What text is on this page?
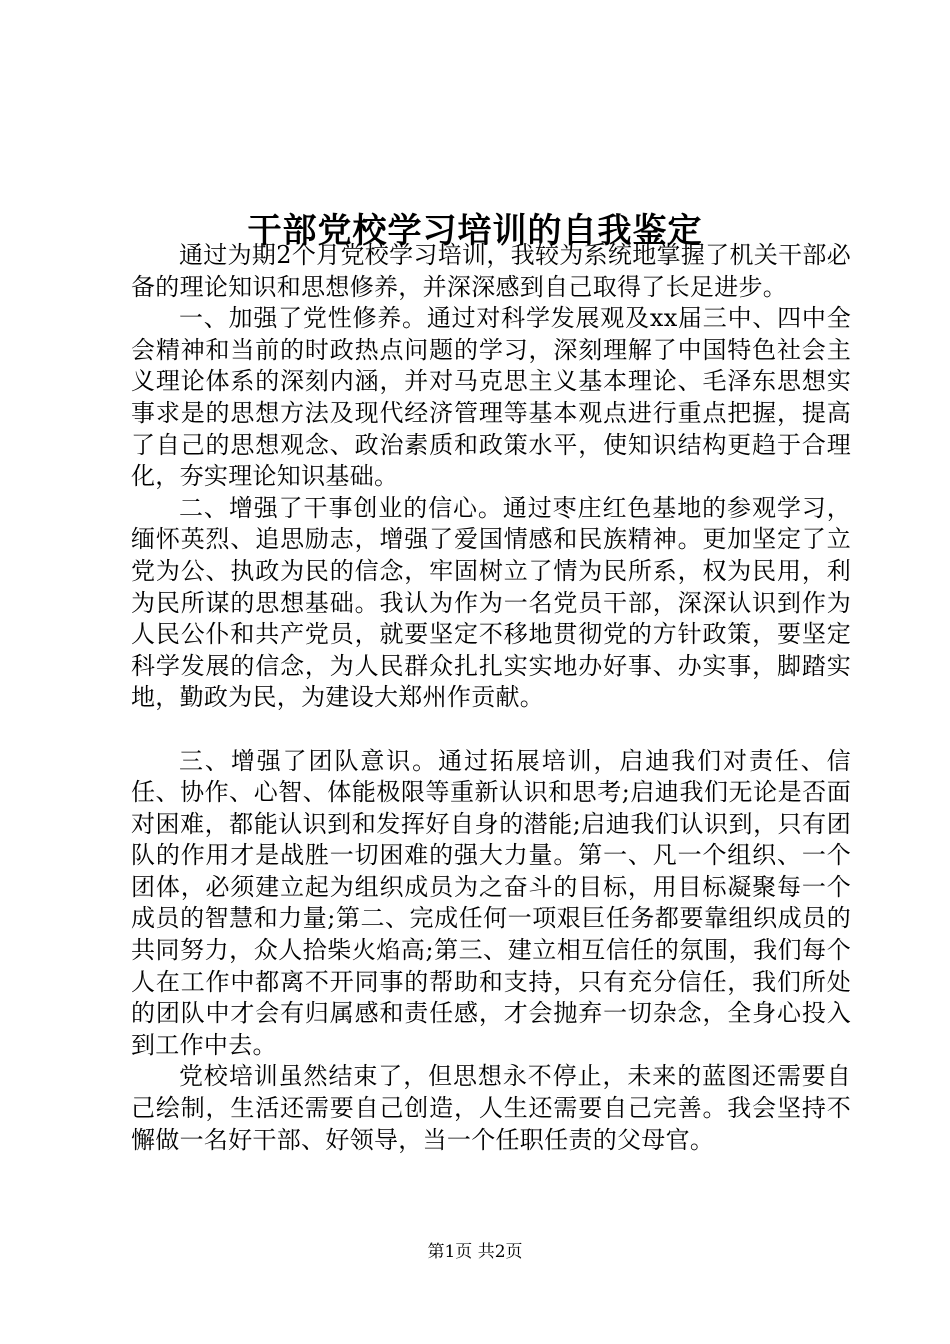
干部党校学习培训的自我鉴定

通过为期2个月党校学习培训，我较为系统地掌握了机关干部必备的理论知识和思想修养，并深深感到自己取得了长足进步。

一、加强了党性修养。通过对科学发展观及xx届三中、四中全会精神和当前的时政热点问题的学习，深刻理解了中国特色社会主义理论体系的深刻内涵，并对马克思主义基本理论、毛泽东思想实事求是的思想方法及现代经济管理等基本观点进行重点把握，提高了自己的思想观念、政治素质和政策水平，使知识结构更趋于合理化，夯实理论知识基础。

二、增强了干事创业的信心。通过枣庄红色基地的参观学习，缅怀英烈、追思励志，增强了爱国情感和民族精神。更加坚定了立党为公、执政为民的信念，牢固树立了情为民所系，权为民用，利为民所谋的思想基础。我认为作为一名党员干部，深深认识到作为人民公仆和共产党员，就要坚定不移地贯彻党的方针政策，要坚定科学发展的信念，为人民群众扎扎实实地办好事、办实事，脚踏实地，勤政为民，为建设大郑州作贡献。

三、增强了团队意识。通过拓展培训，启迪我们对责任、信任、协作、心智、体能极限等重新认识和思考;启迪我们无论是否面对困难，都能认识到和发挥好自身的潜能;启迪我们认识到，只有团队的作用才是战胜一切困难的强大力量。第一、凡一个组织、一个团体，必须建立起为组织成员为之奋斗的目标，用目标凝聚每一个成员的智慧和力量;第二、完成任何一项艰巨任务都要靠组织成员的共同努力，众人拾柴火焰高;第三、建立相互信任的氛围，我们每个人在工作中都离不开同事的帮助和支持，只有充分信任，我们所处的团队中才会有归属感和责任感，才会抛弃一切杂念，全身心投入到工作中去。

党校培训虽然结束了，但思想永不停止，未来的蓝图还需要自己绘制，生活还需要自己创造，人生还需要自己完善。我会坚持不懈做一名好干部、好领导，当一个任职任责的父母官。

第1页 共2页
